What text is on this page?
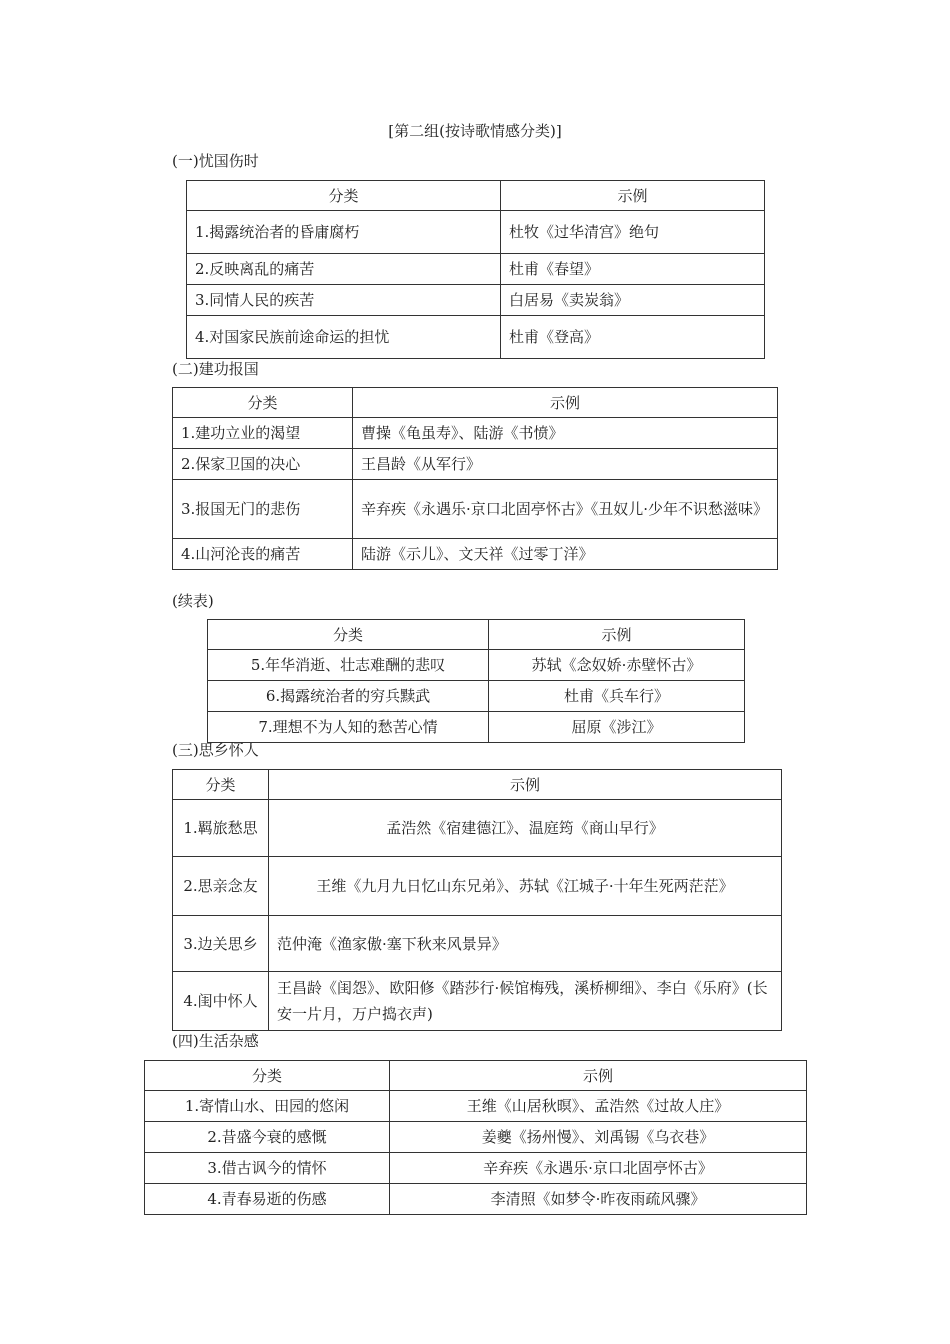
[第二组(按诗歌情感分类)]
(一)忧国伤时
分类	示例
1.揭露统治者的昏庸腐朽	杜牧《过华清宫》绝句
2.反映离乱的痛苦	杜甫《春望》
3.同情人民的疾苦	白居易《卖炭翁》
4.对国家民族前途命运的担忧	杜甫《登高》
(二)建功报国
分类	示例
1.建功立业的渴望	曹操《龟虽寿》、陆游《书愤》
2.保家卫国的决心	王昌龄《从军行》
3.报国无门的悲伤	辛弃疾《永遇乐·京口北固亭怀古》《丑奴儿·少年不识愁滋味》
4.山河沦丧的痛苦	陆游《示儿》、文天祥《过零丁洋》
(续表)
分类	示例
5.年华消逝、壮志难酬的悲叹	苏轼《念奴娇·赤壁怀古》
6.揭露统治者的穷兵黩武	杜甫《兵车行》
7.理想不为人知的愁苦心情	屈原《涉江》
(三)思乡怀人
分类	示例
1.羁旅愁思	孟浩然《宿建德江》、温庭筠《商山早行》
2.思亲念友	王维《九月九日忆山东兄弟》、苏轼《江城子·十年生死两茫茫》
3.边关思乡	范仲淹《渔家傲·塞下秋来风景异》
4.闺中怀人	王昌龄《闺怨》、欧阳修《踏莎行·候馆梅残，溪桥柳细》、李白《乐府》(长安一片月，万户捣衣声)
(四)生活杂感
分类	示例
1.寄情山水、田园的悠闲	王维《山居秋暝》、孟浩然《过故人庄》
2.昔盛今衰的感慨	姜夔《扬州慢》、刘禹锡《乌衣巷》
3.借古讽今的情怀	辛弃疾《永遇乐·京口北固亭怀古》
4.青春易逝的伤感	李清照《如梦令·昨夜雨疏风骤》
